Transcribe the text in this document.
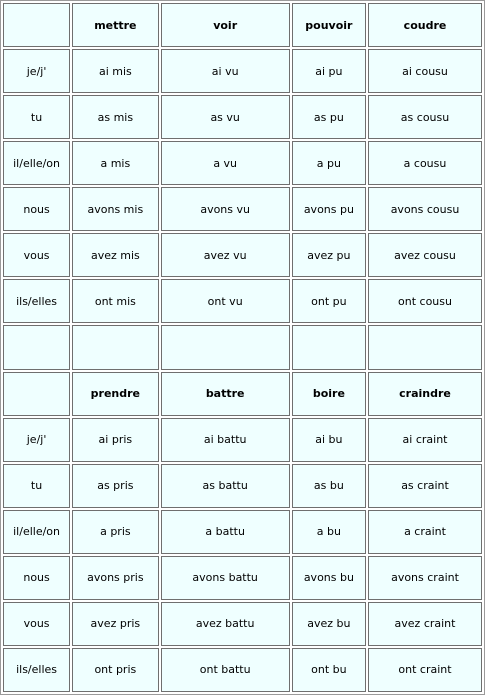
	mettre	voir	pouvoir	coudre
je/j'	ai mis	ai vu	ai pu	ai cousu
tu	as mis	as vu	as pu	as cousu
il/elle/on	a mis	a vu	a pu	a cousu
nous	avons mis	avons vu	avons pu	avons cousu
vous	avez mis	avez vu	avez pu	avez cousu
ils/elles	ont mis	ont vu	ont pu	ont cousu

	prendre	battre	boire	craindre
je/j'	ai pris	ai battu	ai bu	ai craint
tu	as pris	as battu	as bu	as craint
il/elle/on	a pris	a battu	a bu	a craint
nous	avons pris	avons battu	avons bu	avons craint
vous	avez pris	avez battu	avez bu	avez craint
ils/elles	ont pris	ont battu	ont bu	ont craint
